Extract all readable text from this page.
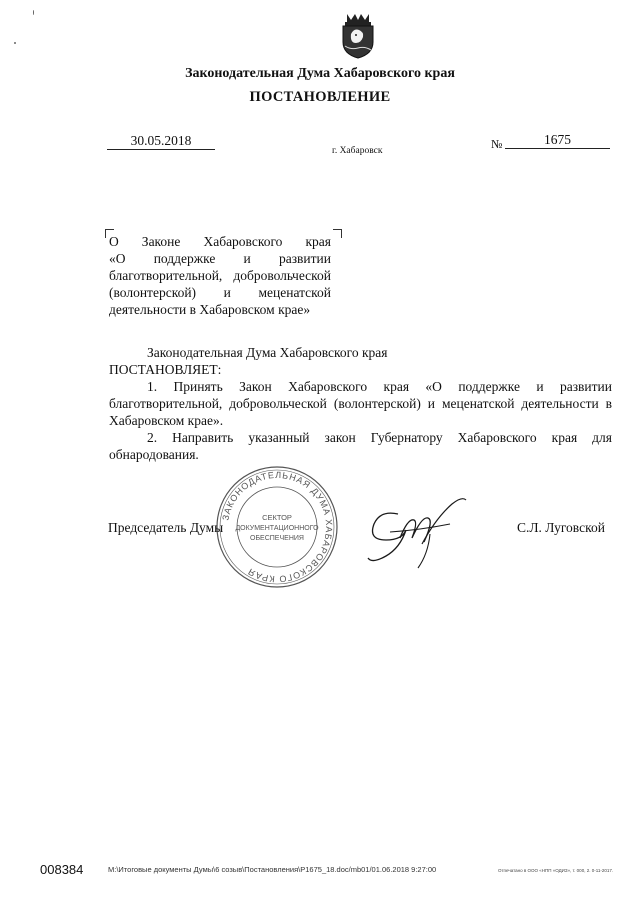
Законодательная Дума Хабаровского края
ПОСТАНОВЛЕНИЕ
30.05.2018
г. Хабаровск	№	1675
О Законе Хабаровского края
«О поддержке и развитии
благотворительной, добровольческой
(волонтерской) и меценатской
деятельности в Хабаровском крае»
Законодательная Дума Хабаровского края
ПОСТАНОВЛЯЕТ:
1. Принять Закон Хабаровского края «О поддержке и развитии благотворительной, добровольческой (волонтерской) и меценатской деятельности в Хабаровском крае».
2. Направить указанный закон Губернатору Хабаровского края для обнародования.
ЗАКОНОДАТЕЛЬНАЯ ДУМА ХАБАРОВСКОГО КРАЯ
СЕКТОР
ДОКУМЕНТАЦИОННОГО
ОБЕСПЕЧЕНИЯ
Председатель Думы	С.Л. Луговской
008384	M:\Итоговые документы Думы\6 созыв\Постановления\P1675_18.doc/mb01/01.06.2018 9:27:00	Отпечатано в ООО «НПП «ОДИЗ», т. 000, 2. 0-11-2017.
